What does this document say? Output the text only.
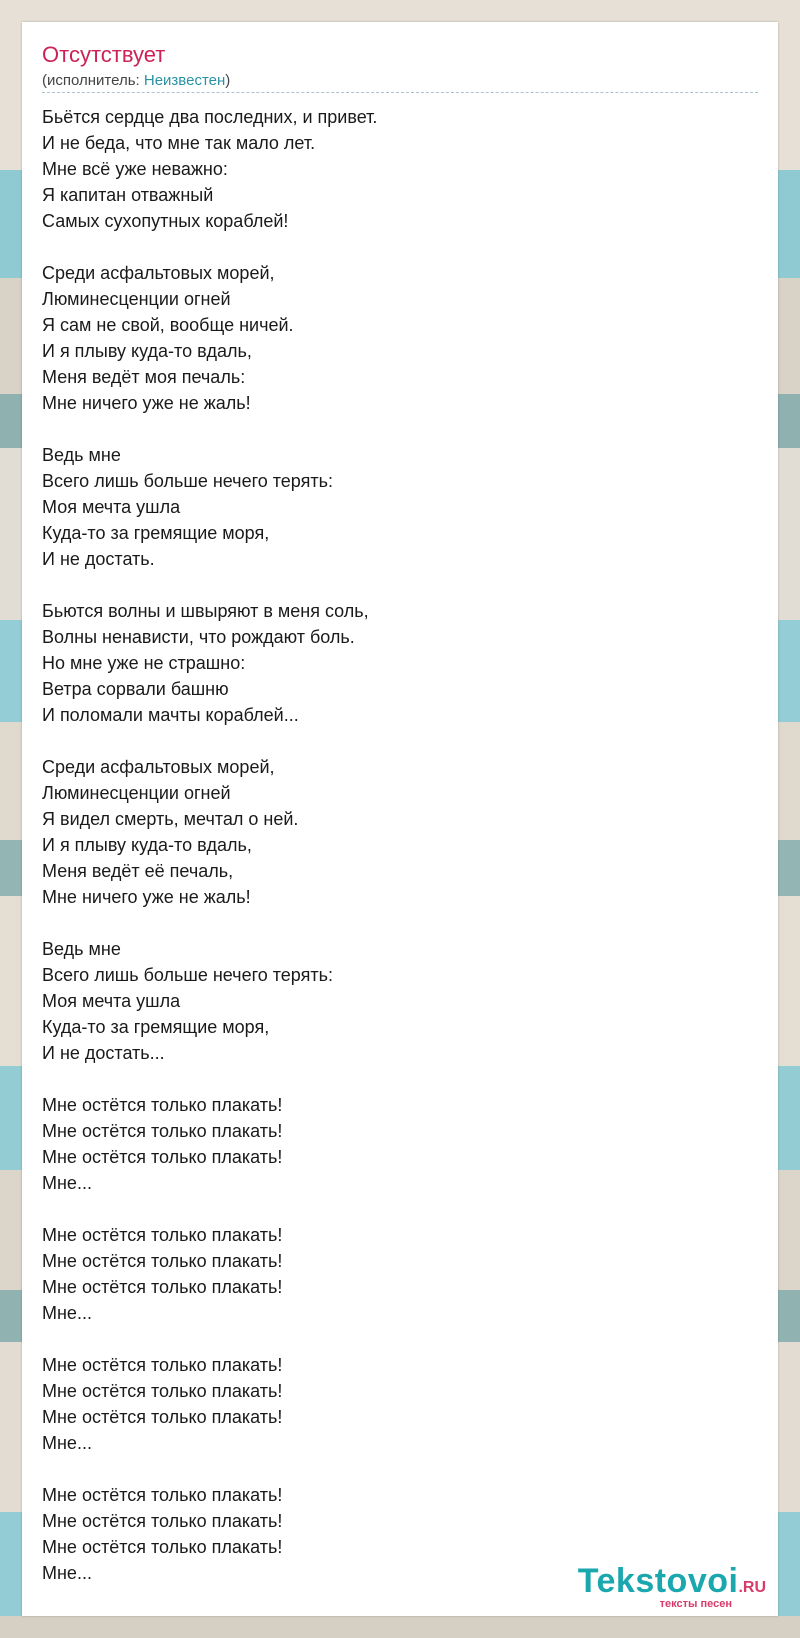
Отсутствует
(исполнитель: Неизвестен)
Бьётся сердце два последних, и привет.
И не беда, что мне так мало лет.
Мне всё уже неважно:
Я капитан отважный
Самых сухопутных кораблей!

Среди асфальтовых морей,
Люминесценции огней
Я сам не свой, вообще ничей.
И я плыву куда-то вдаль,
Меня ведёт моя печаль:
Мне ничего уже не жаль!

Ведь мне
Всего лишь больше нечего терять:
Моя мечта ушла
Куда-то за гремящие моря,
И не достать.

Бьются волны и швыряют в меня соль,
Волны ненависти, что рождают боль.
Но мне уже не страшно:
Ветра сорвали башню
И поломали мачты кораблей...

Среди асфальтовых морей,
Люминесценции огней
Я видел смерть, мечтал о ней.
И я плыву куда-то вдаль,
Меня ведёт её печаль,
Мне ничего уже не жаль!

Ведь мне
Всего лишь больше нечего терять:
Моя мечта ушла
Куда-то за гремящие моря,
И не достать...

Мне остётся только плакать!
Мне остётся только плакать!
Мне остётся только плакать!
Мне...

Мне остётся только плакать!
Мне остётся только плакать!
Мне остётся только плакать!
Мне...

Мне остётся только плакать!
Мне остётся только плакать!
Мне остётся только плакать!
Мне...

Мне остётся только плакать!
Мне остётся только плакать!
Мне остётся только плакать!
Мне...	Tekstovoi.RU
тексты песен
